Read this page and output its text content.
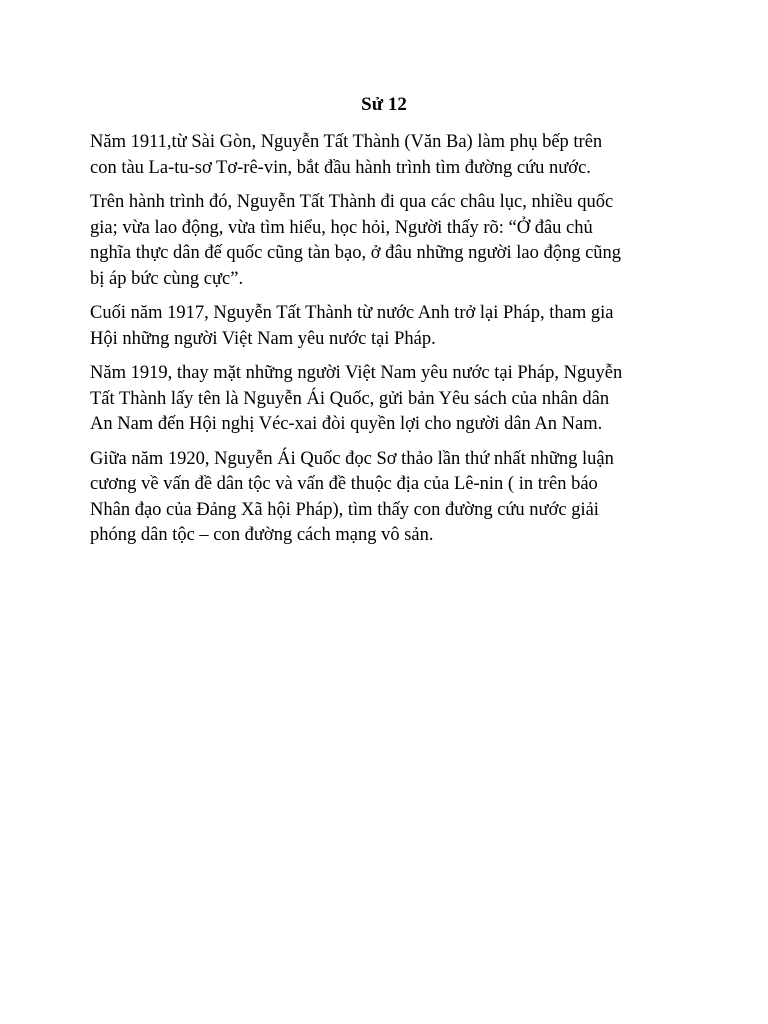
Sử 12

Năm 1911,từ Sài Gòn, Nguyễn Tất Thành (Văn Ba) làm phụ bếp trên
con tàu La-tu-sơ Tơ-rê-vin, bắt đầu hành trình tìm đường cứu nước.

Trên hành trình đó, Nguyễn Tất Thành đi qua các châu lục, nhiều quốc
gia; vừa lao động, vừa tìm hiểu, học hỏi, Người thấy rõ: “Ở đâu chủ
nghĩa thực dân đế quốc cũng tàn bạo, ở đâu những người lao động cũng
bị áp bức cùng cực”.

Cuối năm 1917, Nguyễn Tất Thành từ nước Anh trở lại Pháp, tham gia
Hội những người Việt Nam yêu nước tại Pháp.

Năm 1919, thay mặt những người Việt Nam yêu nước tại Pháp, Nguyễn
Tất Thành lấy tên là Nguyễn Ái Quốc, gửi bản Yêu sách của nhân dân
An Nam đến Hội nghị Véc-xai đòi quyền lợi cho người dân An Nam.

Giữa năm 1920, Nguyễn Ái Quốc đọc Sơ thảo lần thứ nhất những luận
cương về vấn đề dân tộc và vấn đề thuộc địa của Lê-nin ( in trên báo
Nhân đạo của Đảng Xã hội Pháp), tìm thấy con đường cứu nước giải
phóng dân tộc – con đường cách mạng vô sản.
